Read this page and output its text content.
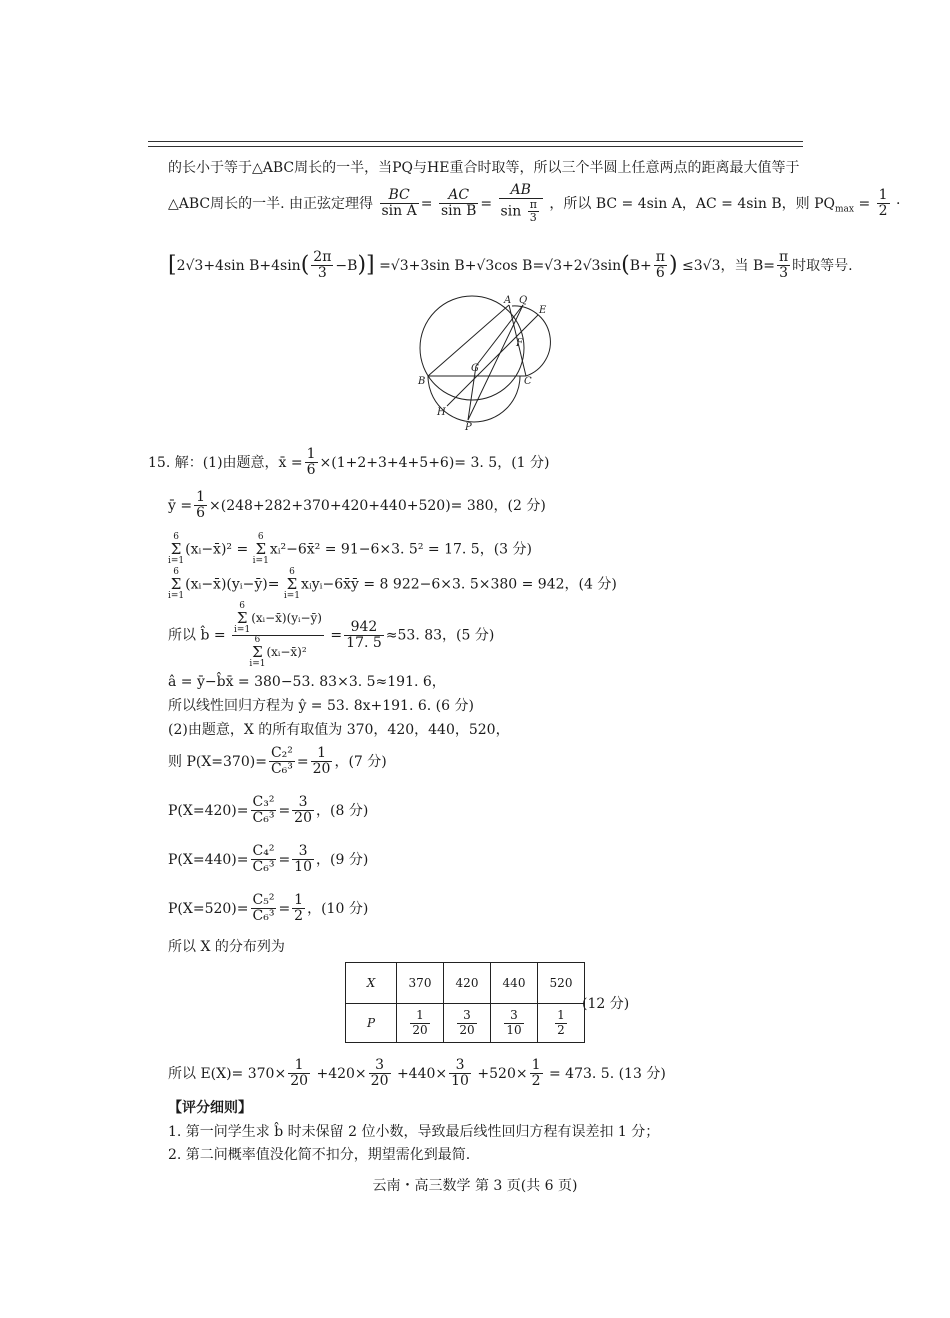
的长小于等于△ABC周长的一半，当PQ与HE重合时取等，所以三个半圆上任意两点的距离最大值等于
△ABC周长的一半. 由正弦定理得 $\frac{BC}{\text{sin A}} = \frac{AC}{\text{sin B}} = \frac{AB}{\sin \frac{\pi}{3}}$ ，所以 BC = 4sin A，AC = 4sin B，则 $PQ_{max} = \frac{1}{2}$ ·
[2√3+4sin $B+4\sin( \frac{2\pi}{3} -B)] =√3+3\sin$ B+√3cos $B=√3+2√3\sin(B+ \frac{\pi}{6}$ ) ≤3√3，当 $B= \frac{\pi}{3}$ 时取等号.
A Q
E
F
G
B	C
H
P
15. 解：(1)由题意，x̄ = $\frac{1}{6} \times(1+2+3+4+5+6)= 3$. 5，(1 分)
ȳ = $\frac{1}{6} \times(248+282+370+420+440+520)= 380$，(2 分)
6
Σ
i=1(xᵢ−x̄)² = 6
Σ
i=1xᵢ²−6x̄² = 91−6×3. 5² = 17. 5，(3 分)
6
Σ
i=1(xᵢ−x̄)(yᵢ−ȳ)= 6
Σ
i=1xᵢyᵢ−6x̄ȳ = 8 922−6×3. 5×380 = 942，(4 分)
所以 b̂ = 6
Σ
i=1(xᵢ−x̄)(yᵢ−ȳ)
6
Σ
i=1(xᵢ−x̄)² = $\frac{942}{17. 5} \approx 53$. 83，(5 分)
â = ȳ−b̂x̄ = 380−53. 83×3. 5≈191. 6，
所以线性回归方程为 ŷ = 53. 8x+191. 6. (6 分)
(2)由题意，X 的所有取值为 370，420，440，520，
则 $P(X=370)= \frac{\text{C₂²}}{\text{C₆³}} = \frac{1}{20}$ ，(7 分)
$P(X=420)= \frac{\text{C₃²}}{\text{C₆³}} = \frac{3}{20}$ ，(8 分)
$P(X=440)= \frac{\text{C₄²}}{\text{C₆³}} = \frac{3}{10}$ ，(9 分)
$P(X=520)= \frac{\text{C₅²}}{\text{C₆³}} = \frac{1}{2}$ ，(10 分)
所以 X 的分布列为
X	370	420	440	520
P	$\frac{1}{20}$	$\frac{3}{20}$	$\frac{3}{10}$	$\frac{1}{2}$
(12 分)
所以 $E(X)= 370\times \frac{1}{20} +420\times \frac{3}{20} +440\times \frac{3}{10} +520\times \frac{1}{2} = 473$. 5. (13 分)
【评分细则】
1. 第一问学生求 b̂ 时未保留 2 位小数，导致最后线性回归方程有误差扣 1 分；
2. 第二问概率值没化简不扣分，期望需化到最简.
云南・高三数学 第 3 页(共 6 页)
